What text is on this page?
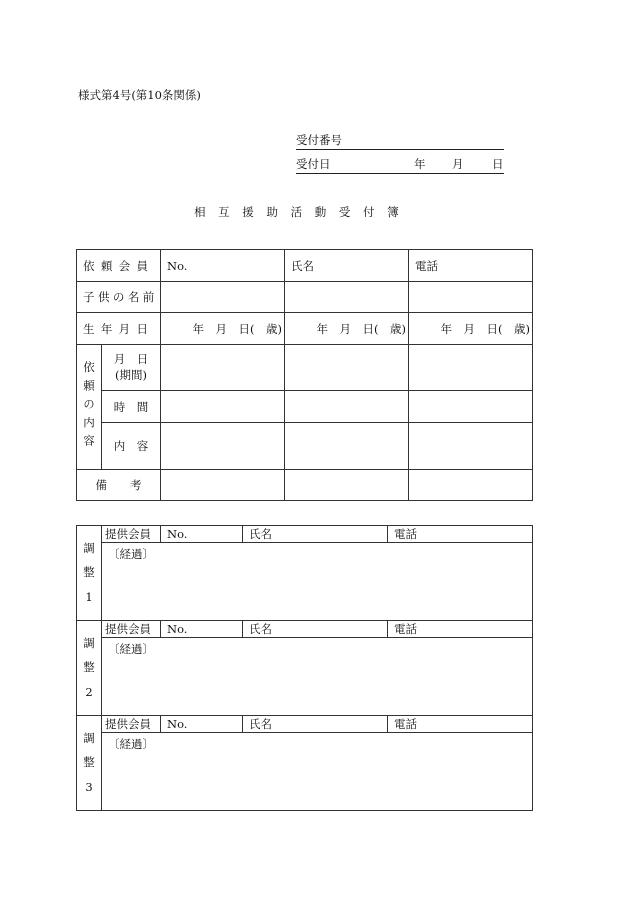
様式第4号(第10条関係)
受付番号
受付日	年 月 日
相互援助活動受付簿
依頼会員		No.	氏名	電話
子供の名前				
生年月日		年　月　日(　歳)	年　月　日(　歳)	年　月　日(　歳)
依頼の内容	月　日
(期間)			

	時　間			
	内　容			
備　　考				
調
整
1	提供会員	No.	氏名	電話
	〔経過〕			

調
整
2	提供会員	No.	氏名	電話
	〔経過〕			

調
整
3	提供会員	No.	氏名	電話
	〔経過〕			
